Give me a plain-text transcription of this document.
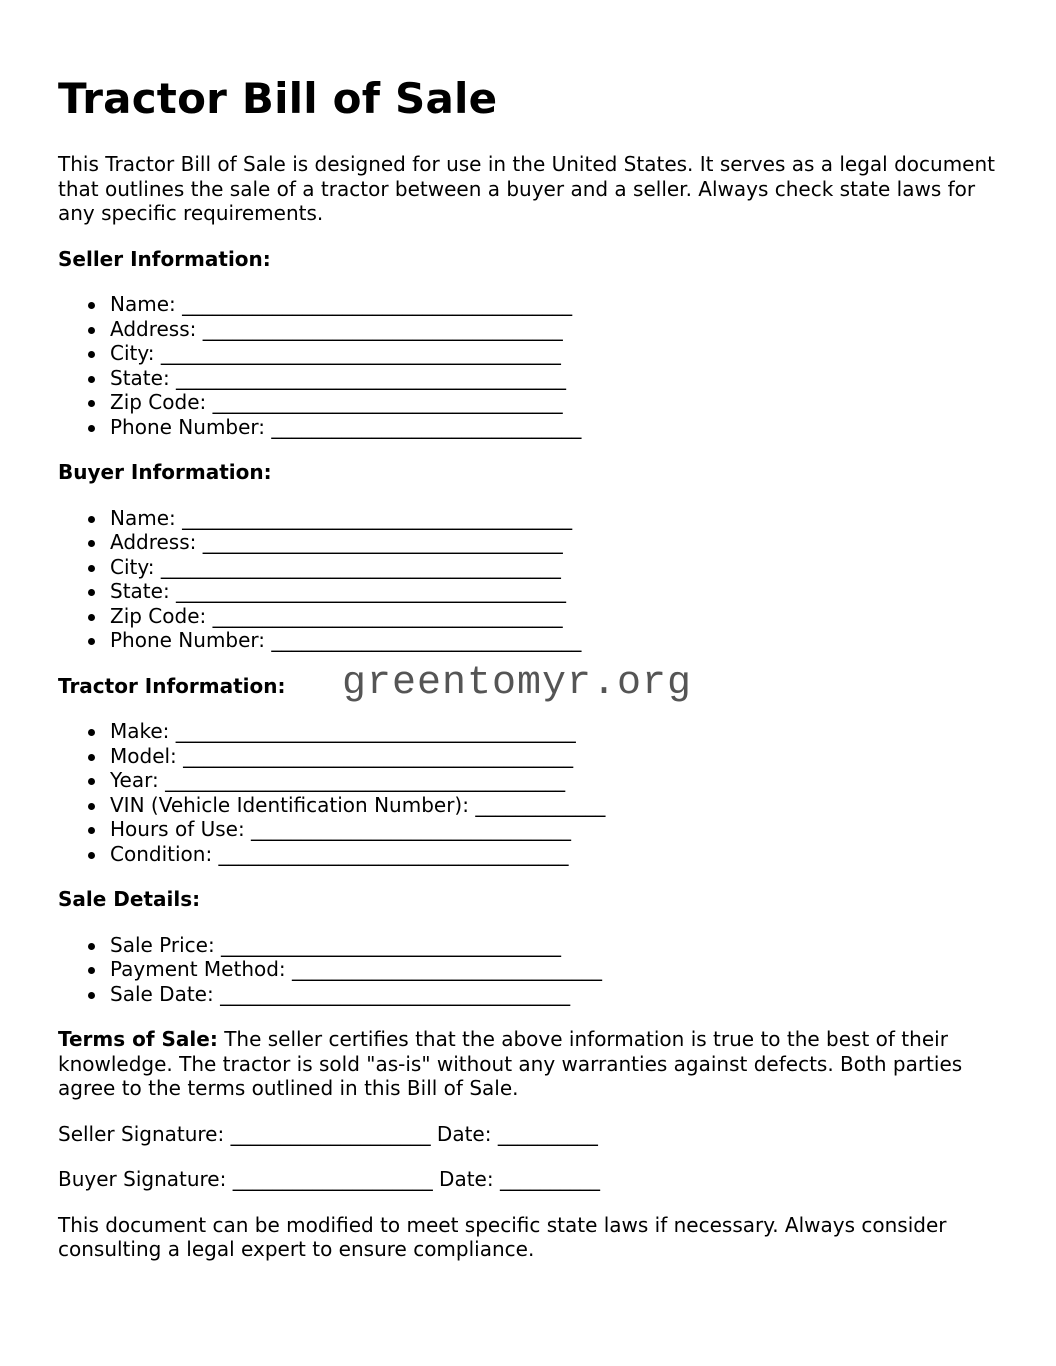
Tractor Bill of Sale

This Tractor Bill of Sale is designed for use in the United States. It serves as a legal document that outlines the sale of a tractor between a buyer and a seller. Always check state laws for any specific requirements.

Seller Information:
Name: _______________________________________
Address: ____________________________________
City: ________________________________________
State: _______________________________________
Zip Code: ___________________________________
Phone Number: _______________________________
Buyer Information:
Name: _______________________________________
Address: ____________________________________
City: ________________________________________
State: _______________________________________
Zip Code: ___________________________________
Phone Number: _______________________________
Tractor Information: greentomyr.org
Make: ________________________________________
Model: _______________________________________
Year: ________________________________________
VIN (Vehicle Identification Number): _____________
Hours of Use: ________________________________
Condition: ___________________________________
Sale Details:
Sale Price: __________________________________
Payment Method: _______________________________
Sale Date: ___________________________________

Terms of Sale: The seller certifies that the above information is true to the best of their knowledge. The tractor is sold "as-is" without any warranties against defects. Both parties agree to the terms outlined in this Bill of Sale.

Seller Signature: ____________________ Date: __________

Buyer Signature: ____________________ Date: __________

This document can be modified to meet specific state laws if necessary. Always consider consulting a legal expert to ensure compliance.
